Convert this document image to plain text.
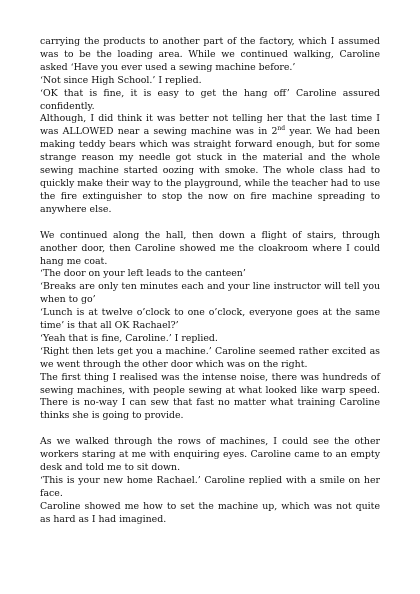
carrying the products to another part of the factory, which I assumed was to be the loading area. While we continued walking, Caroline asked ‘Have you ever used a sewing machine before.’

‘Not since High School.’ I replied.

‘OK that is fine, it is easy to get the hang off’ Caroline assured confidently.

Although, I did think it was better not telling her that the last time I was ALLOWED near a sewing machine was in 2nd year. We had been making teddy bears which was straight forward enough, but for some strange reason my needle got stuck in the material and the whole sewing machine started oozing with smoke. The whole class had to quickly make their way to the playground, while the teacher had to use the fire extinguisher to stop the now on fire machine spreading to anywhere else.

We continued along the hall, then down a flight of stairs, through another door, then Caroline showed me the cloakroom where I could hang me coat.

‘The door on your left leads to the canteen’

‘Breaks are only ten minutes each and your line instructor will tell you when to go’

‘Lunch is at twelve o’clock to one o’clock, everyone goes at the same time’ is that all OK Rachael?’

‘Yeah that is fine, Caroline.’ I replied.

‘Right then lets get you a machine.’ Caroline seemed rather excited as we went through the other door which was on the right.

The first thing I realised was the intense noise, there was hundreds of sewing machines, with people sewing at what looked like warp speed. There is no-way I can sew that fast no matter what training Caroline thinks she is going to provide.

As we walked through the rows of machines, I could see the other workers staring at me with enquiring eyes. Caroline came to an empty desk and told me to sit down.

‘This is your new home Rachael.’ Caroline replied with a smile on her face.

Caroline showed me how to set the machine up, which was not quite as hard as I had imagined.
